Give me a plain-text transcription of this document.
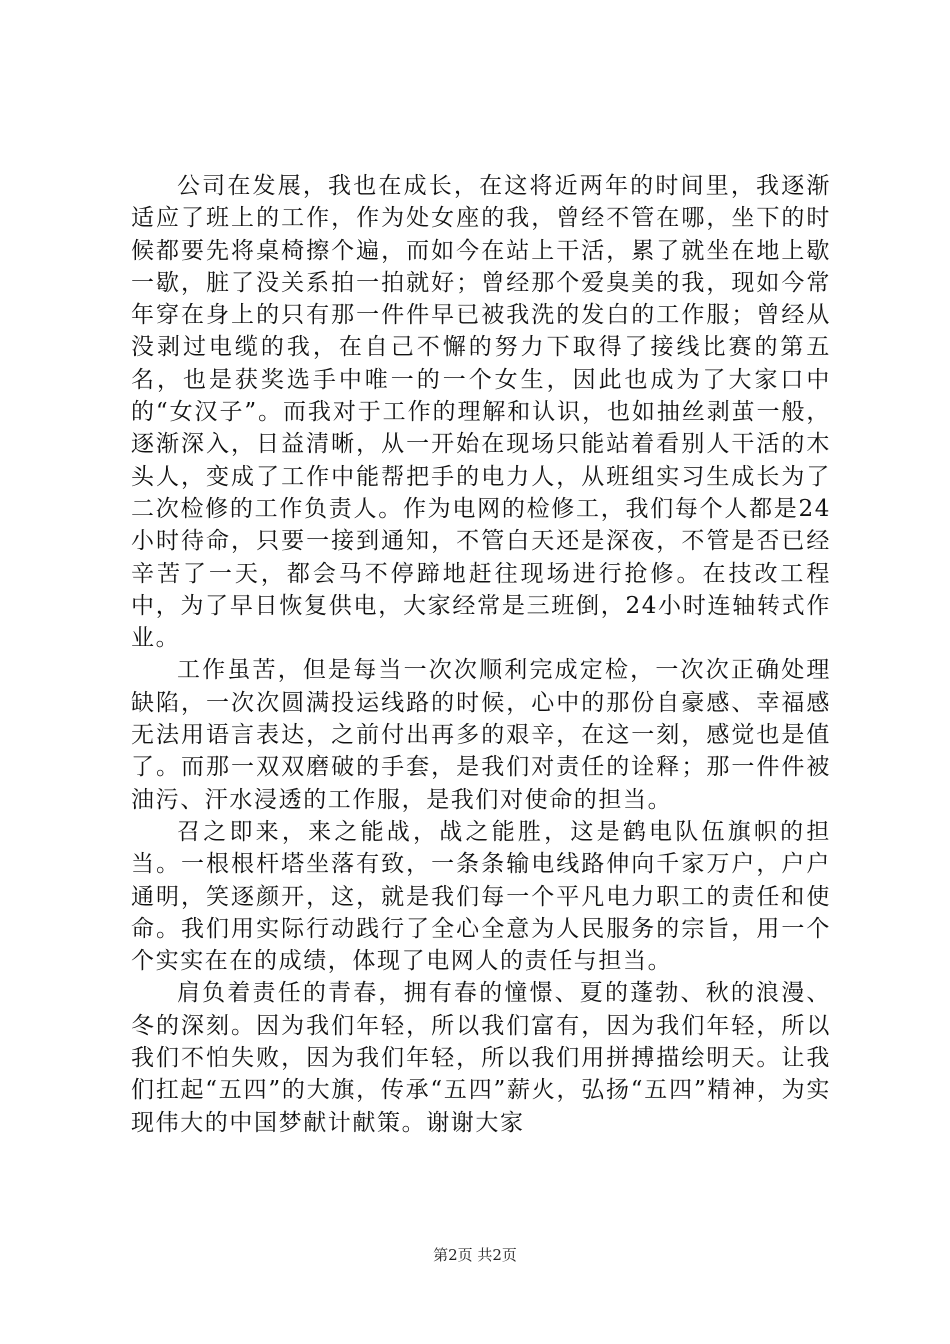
公司在发展，我也在成长，在这将近两年的时间里，我逐渐适应了班上的工作，作为处女座的我，曾经不管在哪，坐下的时候都要先将桌椅擦个遍，而如今在站上干活，累了就坐在地上歇一歇，脏了没关系拍一拍就好；曾经那个爱臭美的我，现如今常年穿在身上的只有那一件件早已被我洗的发白的工作服；曾经从没剥过电缆的我，在自己不懈的努力下取得了接线比赛的第五名，也是获奖选手中唯一的一个女生，因此也成为了大家口中的“女汉子”。而我对于工作的理解和认识，也如抽丝剥茧一般，逐渐深入，日益清晰，从一开始在现场只能站着看别人干活的木头人，变成了工作中能帮把手的电力人，从班组实习生成长为了二次检修的工作负责人。作为电网的检修工，我们每个人都是24小时待命，只要一接到通知，不管白天还是深夜，不管是否已经辛苦了一天，都会马不停蹄地赶往现场进行抢修。在技改工程中，为了早日恢复供电，大家经常是三班倒，24小时连轴转式作业。

工作虽苦，但是每当一次次顺利完成定检，一次次正确处理缺陷，一次次圆满投运线路的时候，心中的那份自豪感、幸福感无法用语言表达，之前付出再多的艰辛，在这一刻，感觉也是值了。而那一双双磨破的手套，是我们对责任的诠释；那一件件被油污、汗水浸透的工作服，是我们对使命的担当。

召之即来，来之能战，战之能胜，这是鹤电队伍旗帜的担当。一根根杆塔坐落有致，一条条输电线路伸向千家万户，户户通明，笑逐颜开，这，就是我们每一个平凡电力职工的责任和使命。我们用实际行动践行了全心全意为人民服务的宗旨，用一个个实实在在的成绩，体现了电网人的责任与担当。

肩负着责任的青春，拥有春的憧憬、夏的蓬勃、秋的浪漫、冬的深刻。因为我们年轻，所以我们富有，因为我们年轻，所以我们不怕失败，因为我们年轻，所以我们用拼搏描绘明天。让我们扛起“五四”的大旗，传承“五四”薪火，弘扬“五四”精神，为实现伟大的中国梦献计献策。谢谢大家

第2页 共2页
